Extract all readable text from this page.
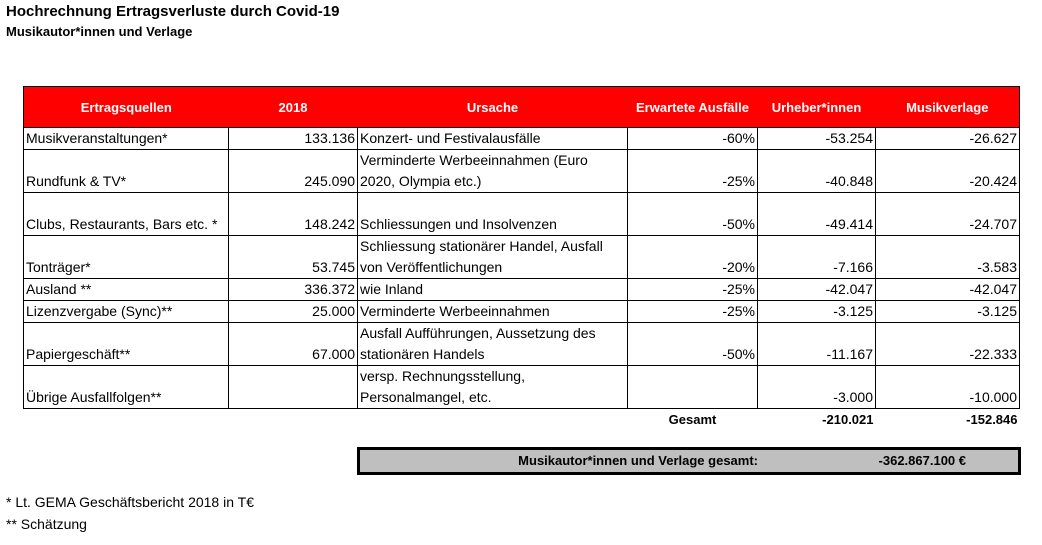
Hochrechnung Ertragsverluste durch Covid-19
Musikautor*innen und Verlage
Ertragsquellen	2018	Ursache	Erwartete Ausfälle	Urheber*innen	Musikverlage
Musikveranstaltungen*	133.136	Konzert- und Festivalausfälle	-60%	-53.254	-26.627
Rundfunk & TV*	245.090	Verminderte Werbeeinnahmen (Euro 2020, Olympia etc.)	-25%	-40.848	-20.424
Clubs, Restaurants, Bars etc. *	148.242	Schliessungen und Insolvenzen	-50%	-49.414	-24.707
Tonträger*	53.745	Schliessung stationärer Handel, Ausfall von Veröffentlichungen	-20%	-7.166	-3.583
Ausland **	336.372	wie Inland	-25%	-42.047	-42.047
Lizenzvergabe (Sync)**	25.000	Verminderte Werbeeinnahmen	-25%	-3.125	-3.125
Papiergeschäft**	67.000	Ausfall Aufführungen, Aussetzung des stationären Handels	-50%	-11.167	-22.333
Übrige Ausfallfolgen**		versp. Rechnungsstellung, Personalmangel, etc.		-3.000	-10.000
			Gesamt	-210.021	-152.846
Musikautor*innen und Verlage gesamt:	-362.867.100 €
* Lt. GEMA Geschäftsbericht 2018 in T€
** Schätzung
